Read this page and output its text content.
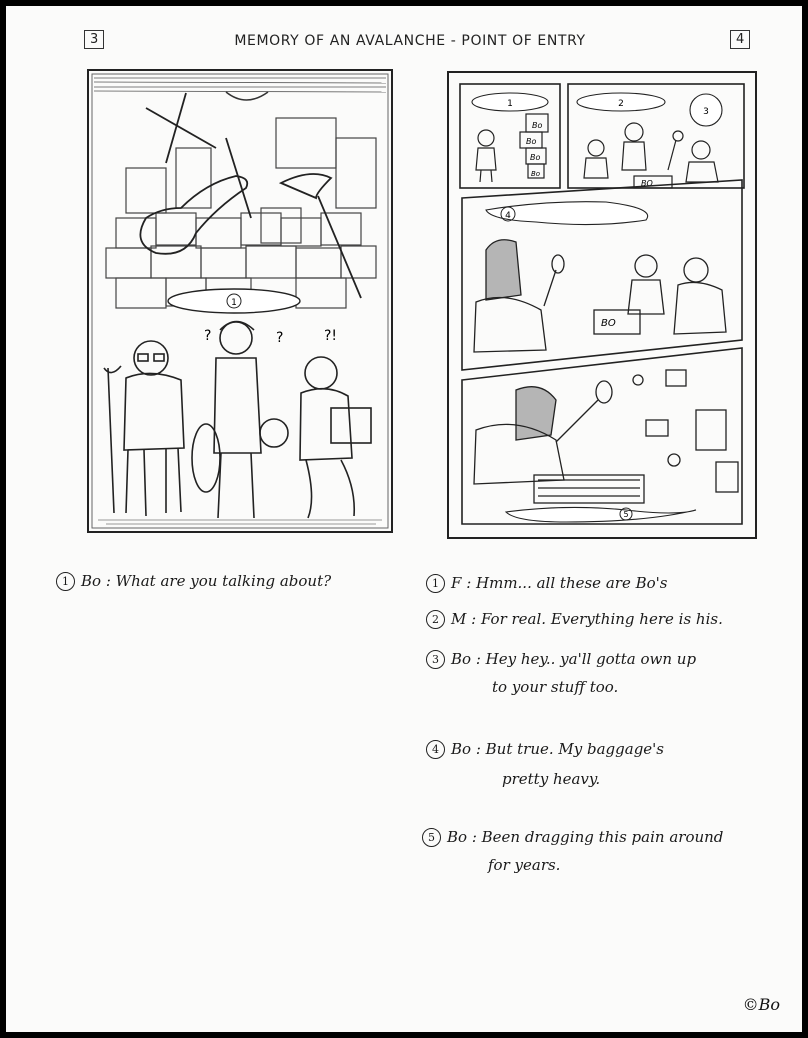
3	MEMORY OF AN AVALANCHE - POINT OF ENTRY	4
1
?	?	?!
1
Bo
Bo
Bo
Bo
2
3
BO
4
BO
5
1 Bo : What are you talking about?	1 F : Hmm... all these are Bo's
2 M : For real. Everything here is his.
3 Bo : Hey hey.. ya'll gotta own up
to your stuff too.
4 Bo : But true. My baggage's
pretty heavy.
5 Bo : Been dragging this pain around
for years.
©Bo
